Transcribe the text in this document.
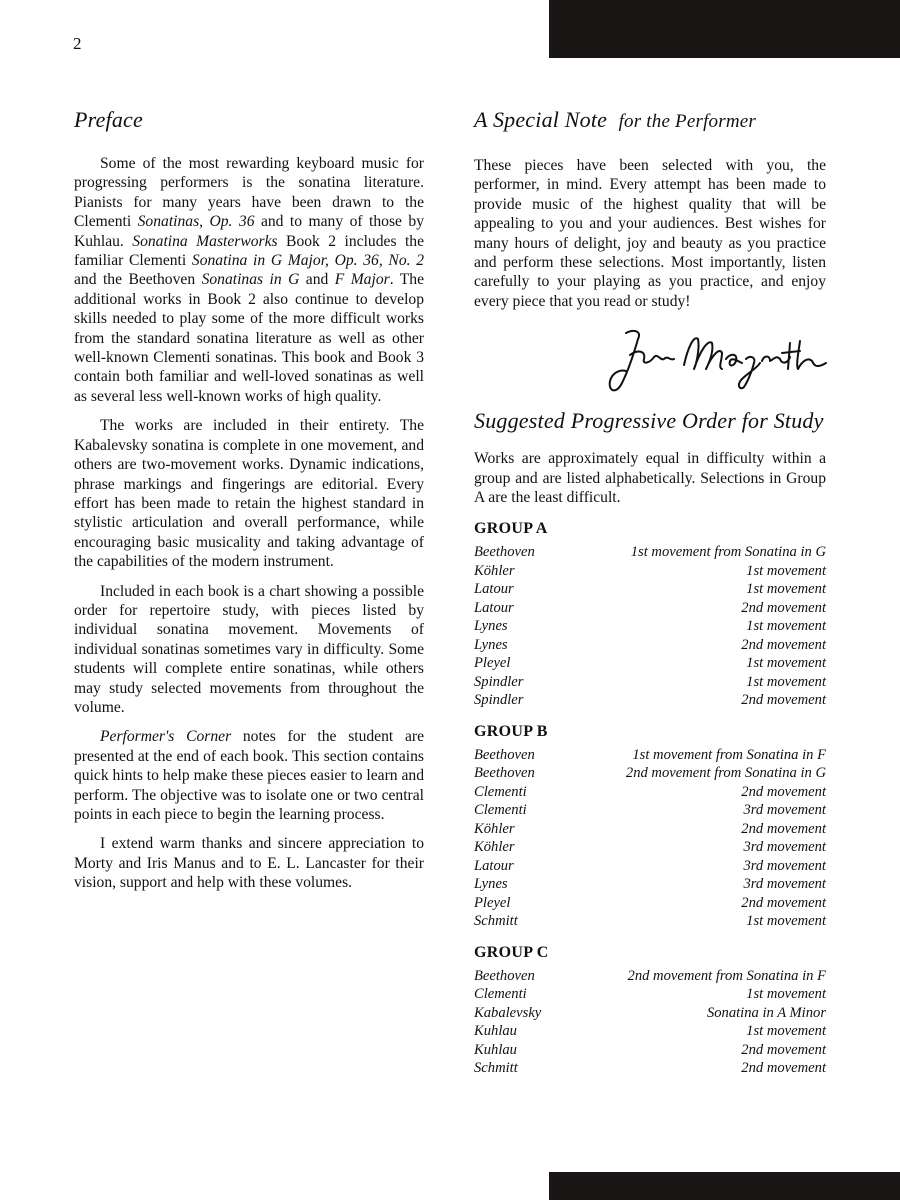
2
Preface

Some of the most rewarding keyboard music for progressing performers is the sonatina literature. Pianists for many years have been drawn to the Clementi Sonatinas, Op. 36 and to many of those by Kuhlau. Sonatina Masterworks Book 2 includes the familiar Clementi Sonatina in G Major, Op. 36, No. 2 and the Beethoven Sonatinas in G and F Major. The additional works in Book 2 also continue to develop skills needed to play some of the more difficult works from the standard sonatina literature as well as other well-known Clementi sonatinas. This book and Book 3 contain both familiar and well-loved sonatinas as well as several less well-known works of high quality.

The works are included in their entirety. The Kabalevsky sonatina is complete in one movement, and others are two-movement works. Dynamic indications, phrase markings and fingerings are editorial. Every effort has been made to retain the highest standard in stylistic articulation and overall performance, while encouraging basic musicality and taking advantage of the capabilities of the modern instrument.

Included in each book is a chart showing a possible order for repertoire study, with pieces listed by individual sonatina movement. Movements of individual sonatinas sometimes vary in difficulty. Some students will complete entire sonatinas, while others may study selected movements from throughout the volume.

Performer's Corner notes for the student are presented at the end of each book. This section contains quick hints to help make these pieces easier to learn and perform. The objective was to isolate one or two central points in each piece to begin the learning process.

I extend warm thanks and sincere appreciation to Morty and Iris Manus and to E. L. Lancaster for their vision, support and help with these volumes.

A Special Note for the Performer

These pieces have been selected with you, the performer, in mind. Every attempt has been made to provide music of the highest quality that will be appealing to you and your audiences. Best wishes for many hours of delight, joy and beauty as you practice and perform these selections. Most importantly, listen carefully to your playing as you practice, and enjoy every piece that you read or study!

Suggested Progressive Order for Study

Works are approximately equal in difficulty within a group and are listed alphabetically. Selections in Group A are the least difficult.

GROUP A
Beethoven	1st movement from Sonatina in G
Köhler	1st movement
Latour	1st movement
Latour	2nd movement
Lynes	1st movement
Lynes	2nd movement
Pleyel	1st movement
Spindler	1st movement
Spindler	2nd movement
GROUP B
Beethoven	1st movement from Sonatina in F
Beethoven	2nd movement from Sonatina in G
Clementi	2nd movement
Clementi	3rd movement
Köhler	2nd movement
Köhler	3rd movement
Latour	3rd movement
Lynes	3rd movement
Pleyel	2nd movement
Schmitt	1st movement
GROUP C
Beethoven	2nd movement from Sonatina in F
Clementi	1st movement
Kabalevsky	Sonatina in A Minor
Kuhlau	1st movement
Kuhlau	2nd movement
Schmitt	2nd movement
